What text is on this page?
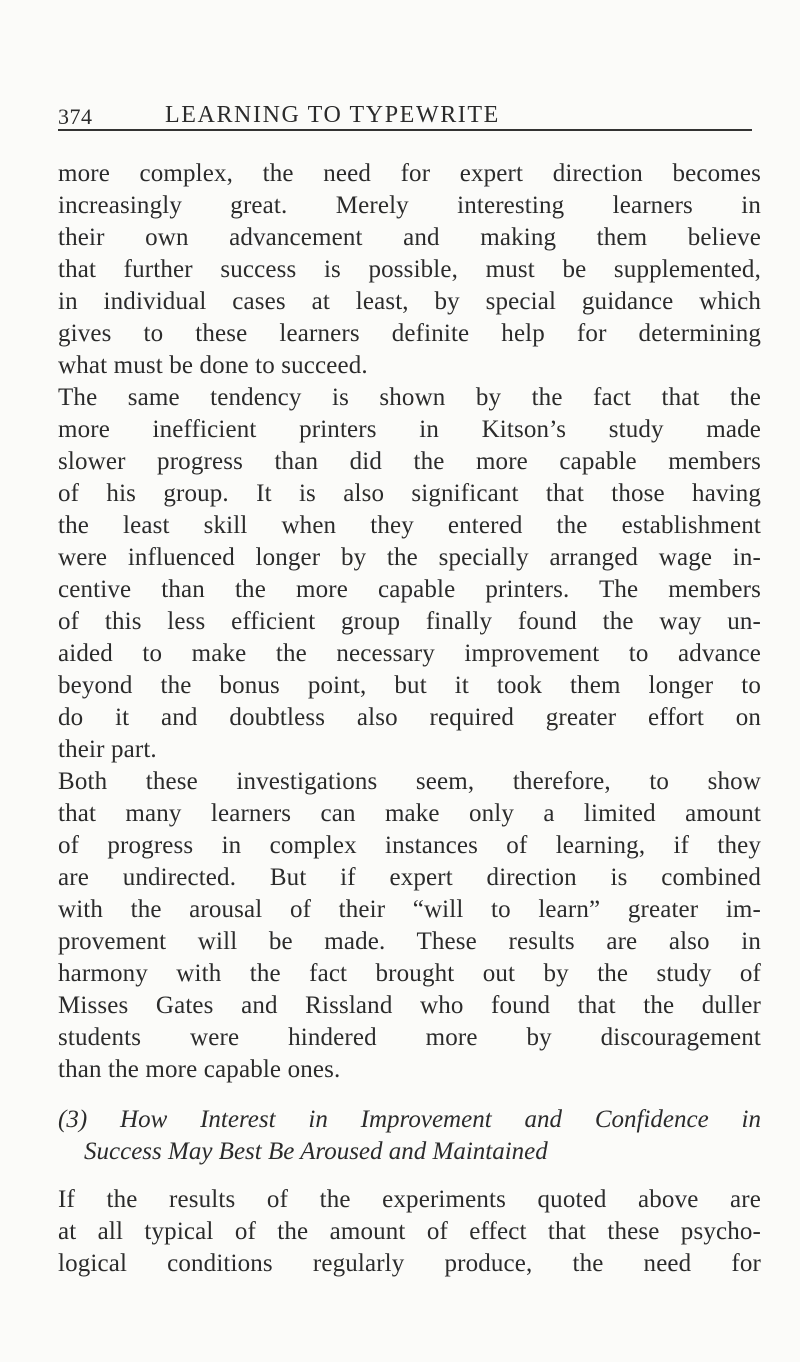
374	LEARNING TO TYPEWRITE
more complex, the need for expert direction becomes
increasingly great. Merely interesting learners in
their own advancement and making them believe
that further success is possible, must be supplemented,
in individual cases at least, by special guidance which
gives to these learners definite help for determining
what must be done to succeed.
The same tendency is shown by the fact that the
more inefficient printers in Kitson’s study made
slower progress than did the more capable members
of his group. It is also significant that those having
the least skill when they entered the establishment
were influenced longer by the specially arranged wage in-
centive than the more capable printers. The members
of this less efficient group finally found the way un-
aided to make the necessary improvement to advance
beyond the bonus point, but it took them longer to
do it and doubtless also required greater effort on
their part.
Both these investigations seem, therefore, to show
that many learners can make only a limited amount
of progress in complex instances of learning, if they
are undirected. But if expert direction is combined
with the arousal of their “will to learn” greater im-
provement will be made. These results are also in
harmony with the fact brought out by the study of
Misses Gates and Rissland who found that the duller
students were hindered more by discouragement
than the more capable ones.
(3) How Interest in Improvement and Confidence in
Success May Best Be Aroused and Maintained
If the results of the experiments quoted above are
at all typical of the amount of effect that these psycho-
logical conditions regularly produce, the need for
